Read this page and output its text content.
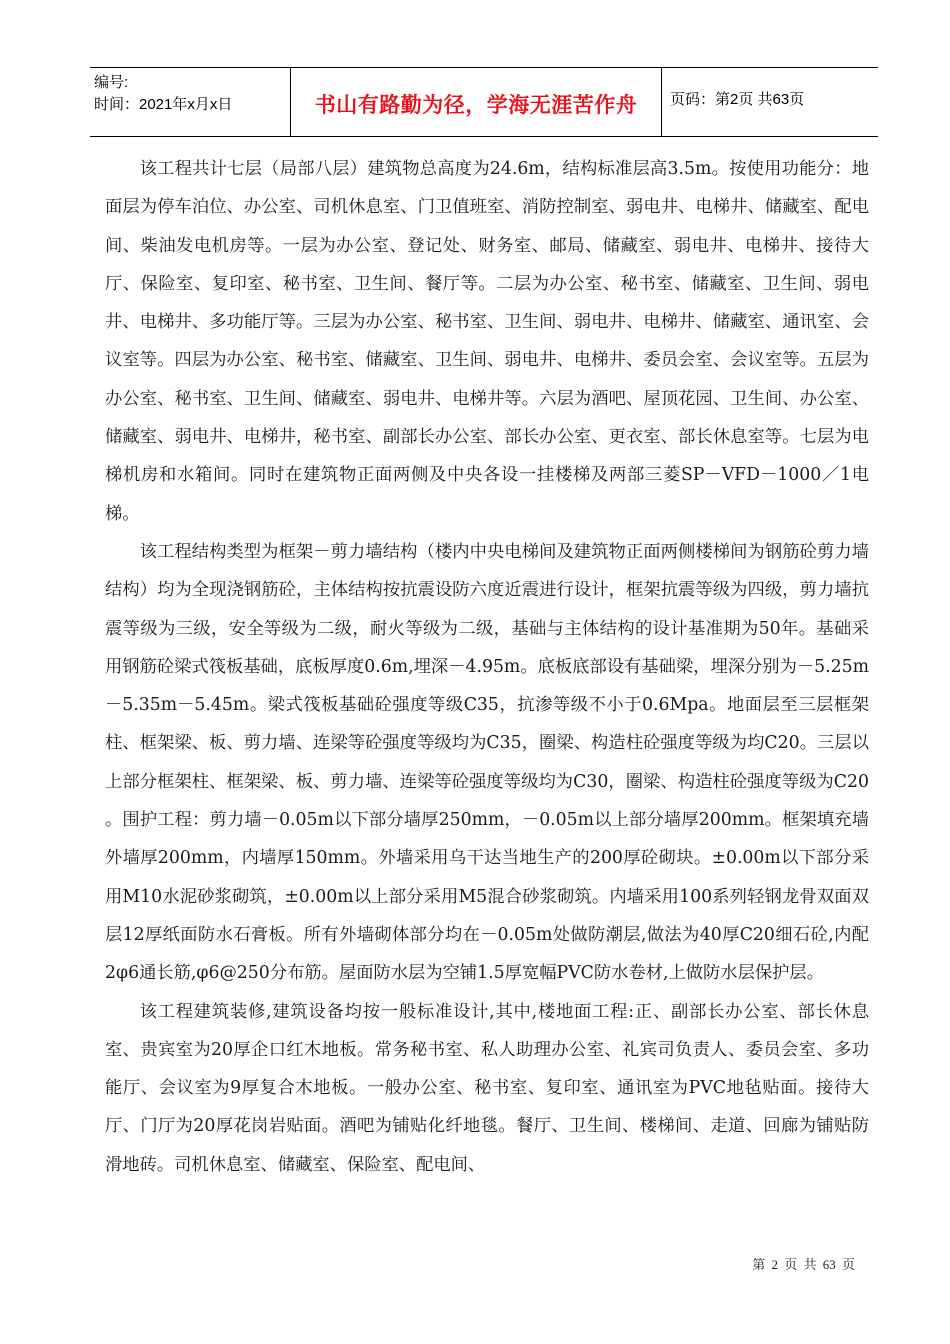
编号:
时间：2021年x月x日	书山有路勤为径，学海无涯苦作舟	页码：第2页 共63页

该工程共计七层（局部八层）建筑物总高度为24.6m，结构标准层高3.5m。按使用功能分：地面层为停车泊位、办公室、司机休息室、门卫值班室、消防控制室、弱电井、电梯井、储藏室、配电间、柴油发电机房等。一层为办公室、登记处、财务室、邮局、储藏室、弱电井、电梯井、接待大厅、保险室、复印室、秘书室、卫生间、餐厅等。二层为办公室、秘书室、储藏室、卫生间、弱电井、电梯井、多功能厅等。三层为办公室、秘书室、卫生间、弱电井、电梯井、储藏室、通讯室、会议室等。四层为办公室、秘书室、储藏室、卫生间、弱电井、电梯井、委员会室、会议室等。五层为办公室、秘书室、卫生间、储藏室、弱电井、电梯井等。六层为酒吧、屋顶花园、卫生间、办公室、储藏室、弱电井、电梯井，秘书室、副部长办公室、部长办公室、更衣室、部长休息室等。七层为电梯机房和水箱间。同时在建筑物正面两侧及中央各设一挂楼梯及两部三菱SP－VFD－1000／1电梯。

该工程结构类型为框架－剪力墙结构（楼内中央电梯间及建筑物正面两侧楼梯间为钢筋砼剪力墙结构）均为全现浇钢筋砼，主体结构按抗震设防六度近震进行设计，框架抗震等级为四级，剪力墙抗震等级为三级，安全等级为二级，耐火等级为二级，基础与主体结构的设计基准期为50年。基础采用钢筋砼梁式筏板基础，底板厚度0.6m,埋深－4.95m。底板底部设有基础梁，埋深分别为－5.25m－5.35m－5.45m。梁式筏板基础砼强度等级C35，抗渗等级不小于0.6Mpa。地面层至三层框架柱、框架梁、板、剪力墙、连梁等砼强度等级均为C35，圈梁、构造柱砼强度等级为均C20。三层以上部分框架柱、框架梁、板、剪力墙、连梁等砼强度等级均为C30，圈梁、构造柱砼强度等级为C20 。围护工程：剪力墙－0.05m以下部分墙厚250mm，－0.05m以上部分墙厚200mm。框架填充墙外墙厚200mm，内墙厚150mm。外墙采用乌干达当地生产的200厚砼砌块。±0.00m以下部分采用M10水泥砂浆砌筑，±0.00m以上部分采用M5混合砂浆砌筑。内墙采用100系列轻钢龙骨双面双层12厚纸面防水石膏板。所有外墙砌体部分均在－0.05m处做防潮层,做法为40厚C20细石砼,内配2φ6通长筋,φ6@250分布筋。屋面防水层为空铺1.5厚宽幅PVC防水卷材,上做防水层保护层。

该工程建筑装修,建筑设备均按一般标准设计,其中,楼地面工程:正、副部长办公室、部长休息室、贵宾室为20厚企口红木地板。常务秘书室、私人助理办公室、礼宾司负责人、委员会室、多功能厅、会议室为9厚复合木地板。一般办公室、秘书室、复印室、通讯室为PVC地毡贴面。接待大厅、门厅为20厚花岗岩贴面。酒吧为铺贴化纤地毯。餐厅、卫生间、楼梯间、走道、回廊为铺贴防滑地砖。司机休息室、储藏室、保险室、配电间、

第 2 页 共 63 页
